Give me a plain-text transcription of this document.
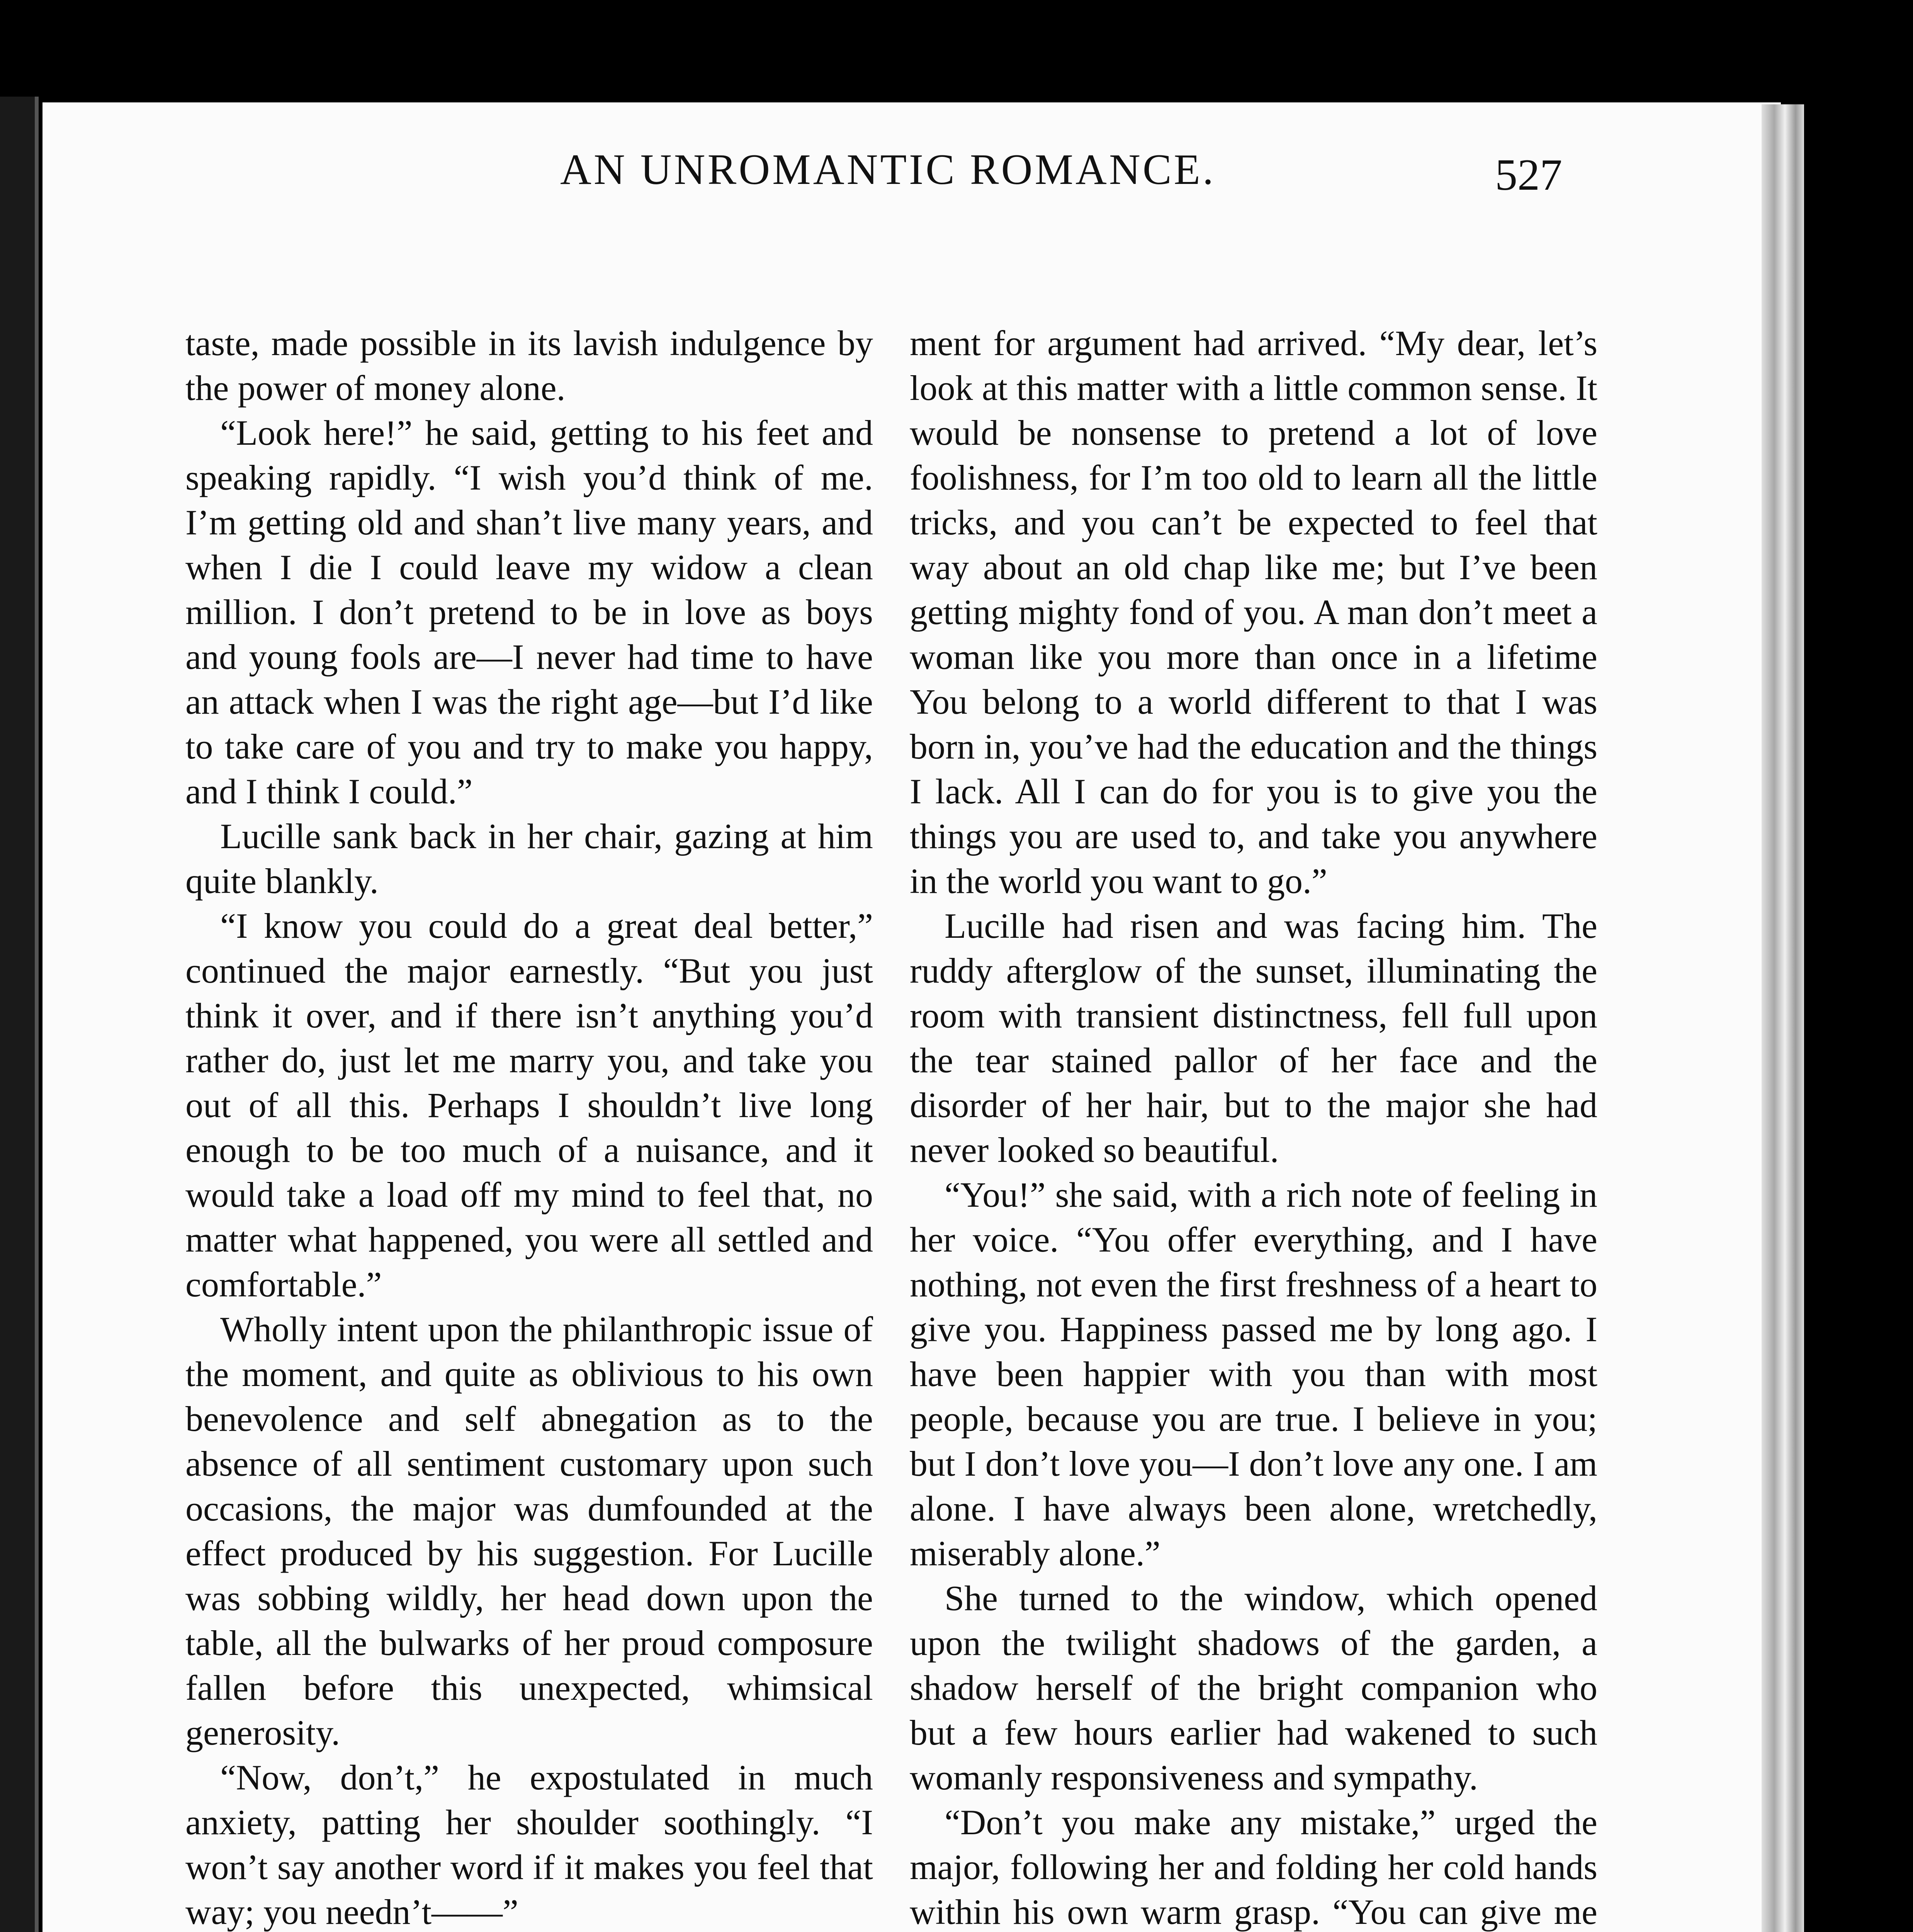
AN UNROMANTIC ROMANCE.	527

taste, made possible in its lavish indulgence by the power of money alone.

“Look here!” he said, getting to his feet and speaking rapidly. “I wish you’d think of me. I’m getting old and shan’t live many years, and when I die I could leave my widow a clean million. I don’t pretend to be in love as boys and young fools are—I never had time to have an attack when I was the right age—but I’d like to take care of you and try to make you happy, and I think I could.”

Lucille sank back in her chair, gazing at him quite blankly.

“I know you could do a great deal better,” continued the major earnestly. “But you just think it over, and if there isn’t anything you’d rather do, just let me marry you, and take you out of all this. Perhaps I shouldn’t live long enough to be too much of a nuisance, and it would take a load off my mind to feel that, no matter what happened, you were all settled and comfortable.”

Wholly intent upon the philanthropic issue of the moment, and quite as oblivious to his own benevolence and self abnegation as to the absence of all sentiment customary upon such occasions, the major was dumfounded at the effect produced by his suggestion. For Lucille was sobbing wildly, her head down upon the table, all the bulwarks of her proud composure fallen before this unexpected, whimsical generosity.

“Now, don’t,” he expostulated in much anxiety, patting her shoulder soothingly. “I won’t say another word if it makes you feel that way; you needn’t——”

ment for argument had arrived. “My dear, let’s look at this matter with a little common sense. It would be nonsense to pretend a lot of love foolishness, for I’m too old to learn all the little tricks, and you can’t be expected to feel that way about an old chap like me; but I’ve been getting mighty fond of you. A man don’t meet a woman like you more than once in a lifetime You belong to a world different to that I was born in, you’ve had the education and the things I lack. All I can do for you is to give you the things you are used to, and take you anywhere in the world you want to go.”

Lucille had risen and was facing him. The ruddy afterglow of the sunset, illuminating the room with transient distinctness, fell full upon the tear stained pallor of her face and the disorder of her hair, but to the major she had never looked so beautiful.

“You!” she said, with a rich note of feeling in her voice. “You offer everything, and I have nothing, not even the first freshness of a heart to give you. Happiness passed me by long ago. I have been happier with you than with most people, because you are true. I believe in you; but I don’t love you—I don’t love any one. I am alone. I have always been alone, wretchedly, miserably alone.”

She turned to the window, which opened upon the twilight shadows of the garden, a shadow herself of the bright companion who but a few hours earlier had wakened to such womanly responsiveness and sympathy.

“Don’t you make any mistake,” urged the major, following her and folding her cold hands within his own warm grasp. “You can give me
